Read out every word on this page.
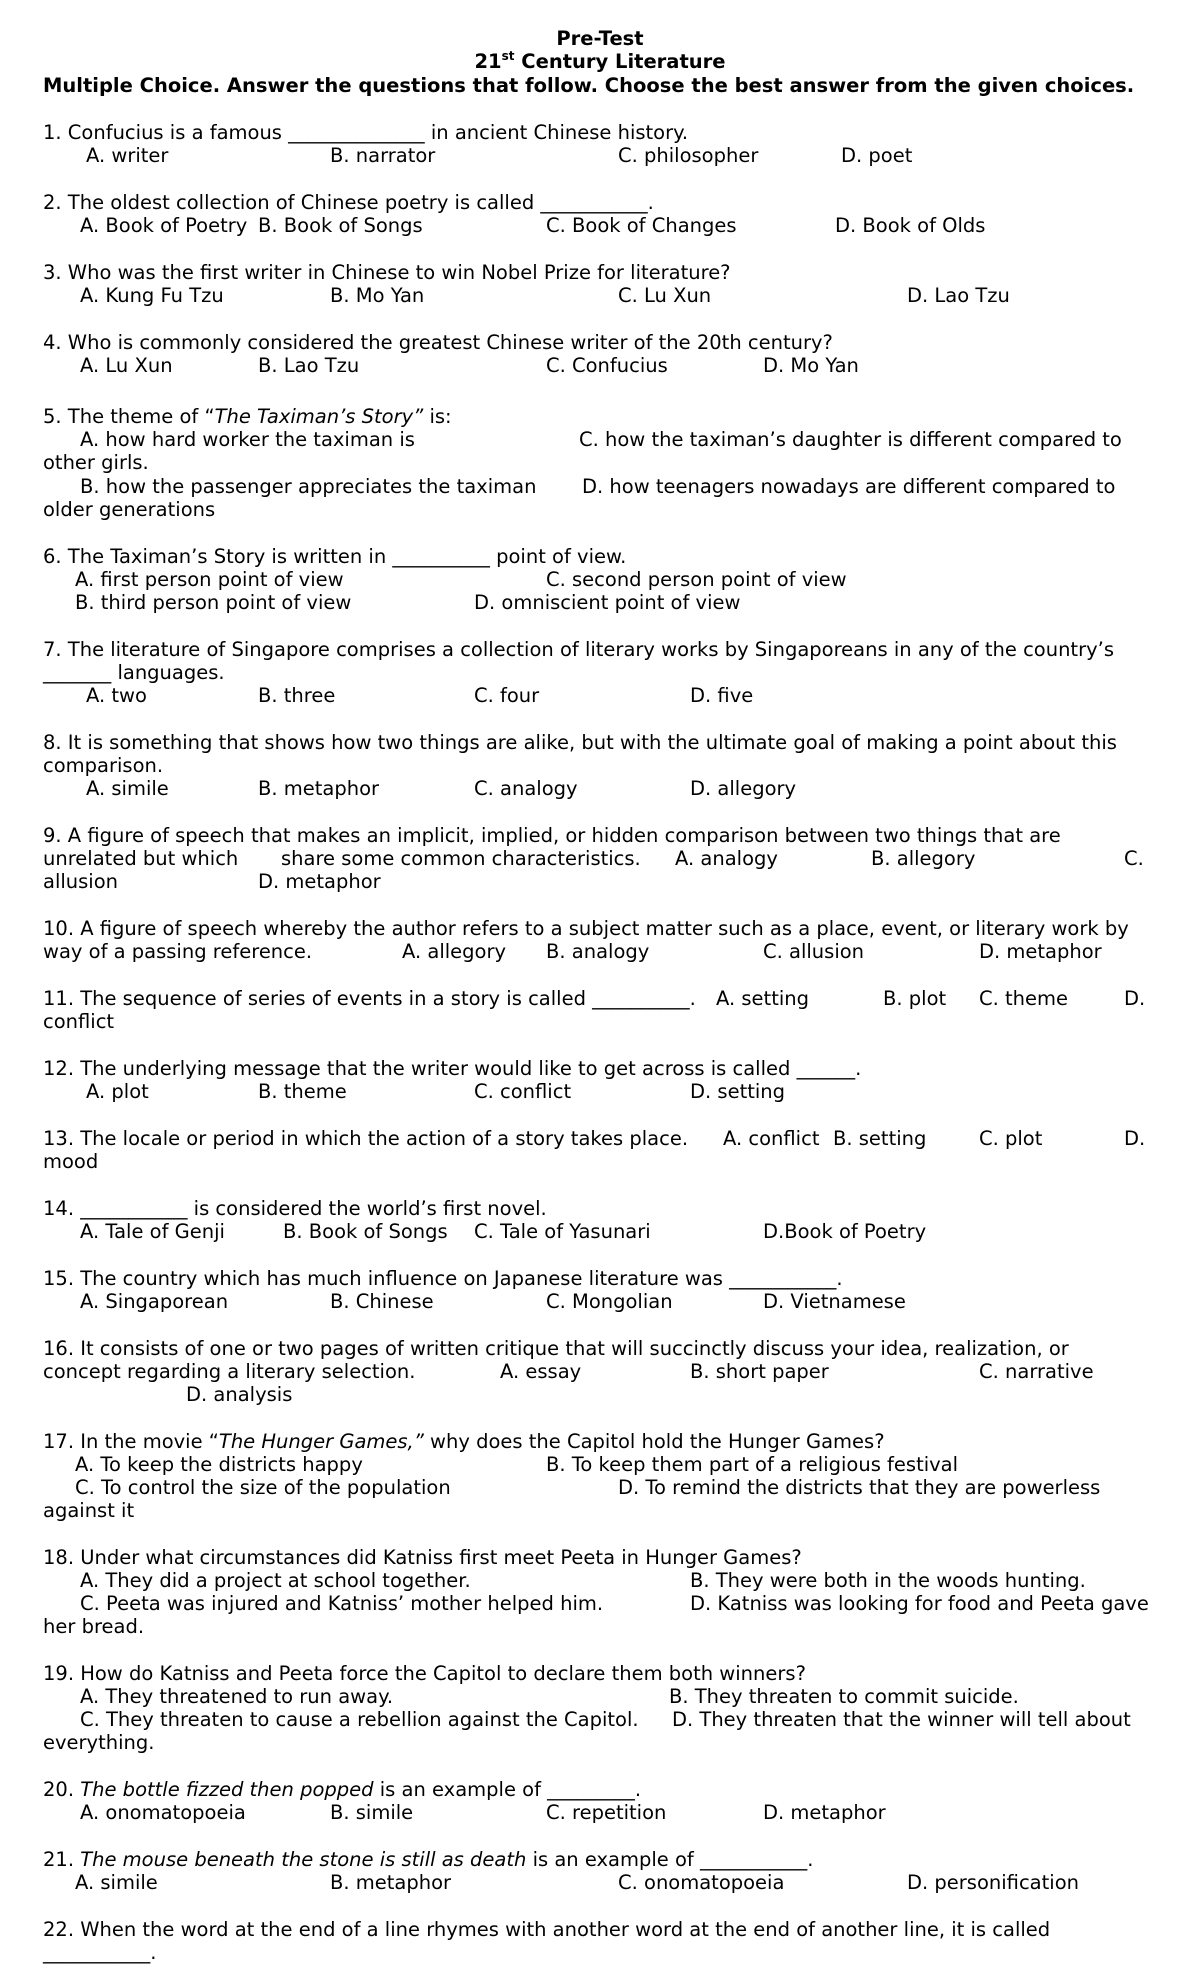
Pre-Test
21st Century Literature
Multiple Choice. Answer the questions that follow. Choose the best answer from the given choices.
1. Confucius is a famous ______________ in ancient Chinese history.
A. writer	B. narrator	C. philosopher	D. poet
2. The oldest collection of Chinese poetry is called ___________.
A. Book of Poetry B. Book of Songs	C. Book of Changes	D. Book of Olds
3. Who was the first writer in Chinese to win Nobel Prize for literature?
A. Kung Fu Tzu	B. Mo Yan	C. Lu Xun	D. Lao Tzu
4. Who is commonly considered the greatest Chinese writer of the 20th century?
A. Lu Xun	B. Lao Tzu	C. Confucius	D. Mo Yan
5. The theme of “The Taximan’s Story” is:
A. how hard worker the taximan is	C. how the taximan’s daughter is different compared to
other girls.
B. how the passenger appreciates the taximan D. how teenagers nowadays are different compared to
older generations
6. The Taximan’s Story is written in __________ point of view.
A. first person point of view	C. second person point of view
B. third person point of view	D. omniscient point of view
7. The literature of Singapore comprises a collection of literary works by Singaporeans in any of the country’s
_______ languages.
A. two	B. three	C. four	D. five
8. It is something that shows how two things are alike, but with the ultimate goal of making a point about this
comparison.
A. simile	B. metaphor	C. analogy	D. allegory
9. A figure of speech that makes an implicit, implied, or hidden comparison between two things that are
unrelated but which share some common characteristics. A. analogy	B. allegory	C.
allusion	D. metaphor
10. A figure of speech whereby the author refers to a subject matter such as a place, event, or literary work by
way of a passing reference.	A. allegory B. analogy	C. allusion	D. metaphor
11. The sequence of series of events in a story is called __________. A. setting	B. plot C. theme	D.
conflict
12. The underlying message that the writer would like to get across is called ______.
A. plot	B. theme	C. conflict	D. setting
13. The locale or period in which the action of a story takes place. A. conflict B. setting	C. plot	D.
mood
14. ___________ is considered the world’s first novel.
A. Tale of Genji	B. Book of Songs C. Tale of Yasunari	D.Book of Poetry
15. The country which has much influence on Japanese literature was ___________.
A. Singaporean	B. Chinese	C. Mongolian	D. Vietnamese
16. It consists of one or two pages of written critique that will succinctly discuss your idea, realization, or
concept regarding a literary selection.	A. essay	B. short paper	C. narrative
D. analysis
17. In the movie “The Hunger Games,” why does the Capitol hold the Hunger Games?
A. To keep the districts happy	B. To keep them part of a religious festival
C. To control the size of the population	D. To remind the districts that they are powerless
against it
18. Under what circumstances did Katniss first meet Peeta in Hunger Games?
A. They did a project at school together.	B. They were both in the woods hunting.
C. Peeta was injured and Katniss’ mother helped him.	D. Katniss was looking for food and Peeta gave
her bread.
19. How do Katniss and Peeta force the Capitol to declare them both winners?
A. They threatened to run away.	B. They threaten to commit suicide.
C. They threaten to cause a rebellion against the Capitol. D. They threaten that the winner will tell about
everything.
20. The bottle fizzed then popped is an example of _________.
A. onomatopoeia	B. simile	C. repetition	D. metaphor
21. The mouse beneath the stone is still as death is an example of ___________.
A. simile	B. metaphor	C. onomatopoeia	D. personification
22. When the word at the end of a line rhymes with another word at the end of another line, it is called
___________.
